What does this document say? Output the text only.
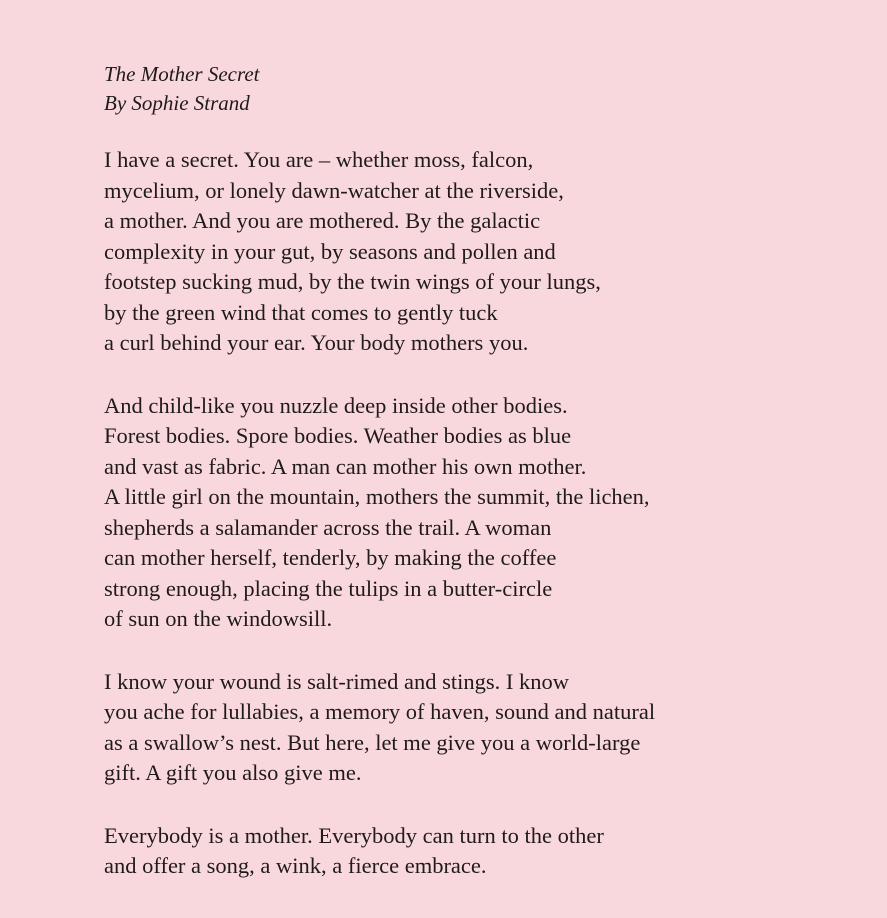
The Mother Secret
By Sophie Strand
I have a secret. You are – whether moss, falcon,
mycelium, or lonely dawn-watcher at the riverside,
a mother. And you are mothered. By the galactic
complexity in your gut, by seasons and pollen and
footstep sucking mud, by the twin wings of your lungs,
by the green wind that comes to gently tuck
a curl behind your ear. Your body mothers you.
And child-like you nuzzle deep inside other bodies.
Forest bodies. Spore bodies. Weather bodies as blue
and vast as fabric. A man can mother his own mother.
A little girl on the mountain, mothers the summit, the lichen,
shepherds a salamander across the trail. A woman
can mother herself, tenderly, by making the coffee
strong enough, placing the tulips in a butter-circle
of sun on the windowsill.
I know your wound is salt-rimed and stings. I know
you ache for lullabies, a memory of haven, sound and natural
as a swallow’s nest. But here, let me give you a world-large
gift. A gift you also give me.
Everybody is a mother. Everybody can turn to the other
and offer a song, a wink, a fierce embrace.
